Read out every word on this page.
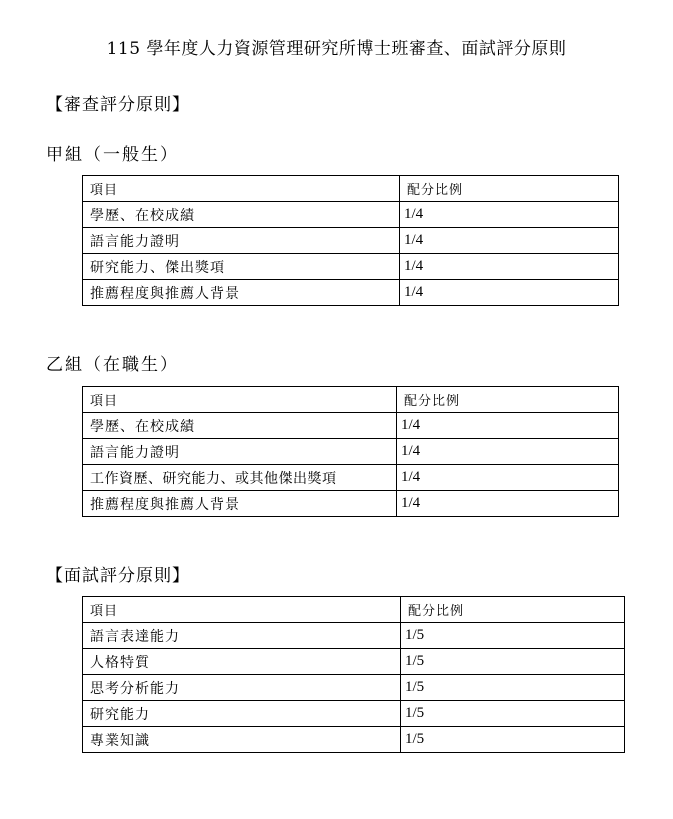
115 學年度人力資源管理研究所博士班審查、面試評分原則
【審查評分原則】
甲組（一般生）
項目	配分比例
學歷、在校成績	1/4
語言能力證明	1/4
研究能力、傑出獎項	1/4
推薦程度與推薦人背景	1/4
乙組（在職生）
項目	配分比例
學歷、在校成績	1/4
語言能力證明	1/4
工作資歷、研究能力、或其他傑出獎項	1/4
推薦程度與推薦人背景	1/4
【面試評分原則】
項目	配分比例
語言表達能力	1/5
人格特質	1/5
思考分析能力	1/5
研究能力	1/5
專業知識	1/5
